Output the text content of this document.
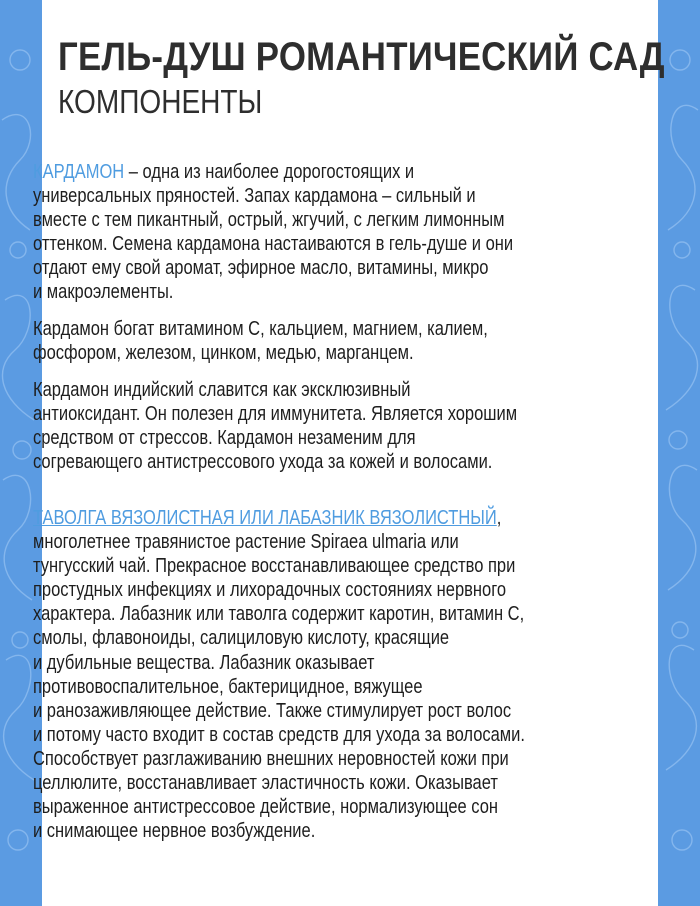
ГЕЛЬ-ДУШ РОМАНТИЧЕСКИЙ САД
КОМПОНЕНТЫ
КАРДАМОН – одна из наиболее дорогостоящих и
универсальных пряностей. Запах кардамона – сильный и
вместе с тем пикантный, острый, жгучий, с легким лимонным
оттенком. Семена кардамона настаиваются в гель-душе и они
отдают ему свой аромат, эфирное масло, витамины, микро
и макроэлементы.
Кардамон богат витамином С, кальцием, магнием, калием,
фосфором, железом, цинком, медью, марганцем.
Кардамон индийский славится как эксклюзивный
антиоксидант. Он полезен для иммунитета. Является хорошим
средством от стрессов. Кардамон незаменим для
согревающего антистрессового ухода за кожей и волосами.
ТАВОЛГА ВЯЗОЛИСТНАЯ ИЛИ ЛАБАЗНИК ВЯЗОЛИСТНЫЙ,
многолетнее травянистое растение Spiraea ulmaria или
тунгусский чай. Прекрасное восстанавливающее средство при
простудных инфекциях и лихорадочных состояниях нервного
характера. Лабазник или таволга содержит каротин, витамин С,
смолы, флавоноиды, салициловую кислоту, красящие
и дубильные вещества. Лабазник оказывает
противовоспалительное, бактерицидное, вяжущее
и ранозаживляющее действие. Также стимулирует рост волос
и потому часто входит в состав средств для ухода за волосами.
Способствует разглаживанию внешних неровностей кожи при
целлюлите, восстанавливает эластичность кожи. Оказывает
выраженное антистрессовое действие, нормализующее сон
и снимающее нервное возбуждение.
